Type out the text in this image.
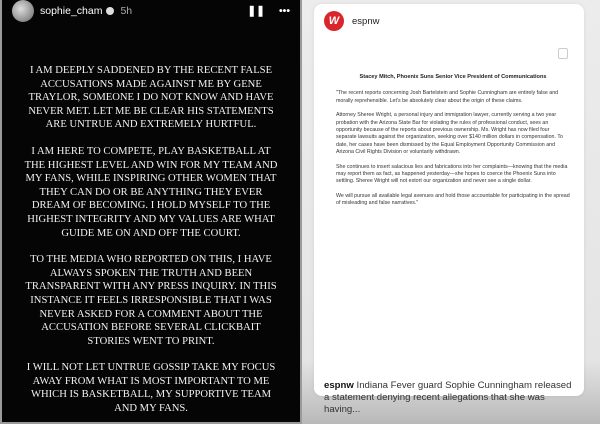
sophie_cham 5h	❚❚ •••

I AM DEEPLY SADDENED BY THE RECENT FALSE ACCUSATIONS MADE AGAINST ME BY GENE TRAYLOR, SOMEONE I DO NOT KNOW AND HAVE NEVER MET. LET ME BE CLEAR HIS STATEMENTS ARE UNTRUE AND EXTREMELY HURTFUL.

I AM HERE TO COMPETE, PLAY BASKETBALL AT THE HIGHEST LEVEL AND WIN FOR MY TEAM AND MY FANS, WHILE INSPIRING OTHER WOMEN THAT THEY CAN DO OR BE ANYTHING THEY EVER DREAM OF BECOMING. I HOLD MYSELF TO THE HIGHEST INTEGRITY AND MY VALUES ARE WHAT GUIDE ME ON AND OFF THE COURT.

TO THE MEDIA WHO REPORTED ON THIS, I HAVE ALWAYS SPOKEN THE TRUTH AND BEEN TRANSPARENT WITH ANY PRESS INQUIRY. IN THIS INSTANCE IT FEELS IRRESPONSIBLE THAT I WAS NEVER ASKED FOR A COMMENT ABOUT THE ACCUSATION BEFORE SEVERAL CLICKBAIT STORIES WENT TO PRINT.

I WILL NOT LET UNTRUE GOSSIP TAKE MY FOCUS AWAY FROM WHAT IS MOST IMPORTANT TO ME WHICH IS BASKETBALL, MY SUPPORTIVE TEAM AND MY FANS.

W	espnw
Stacey Mitch, Phoenix Suns Senior Vice President of Communications

"The recent reports concerning Josh Bartelstein and Sophie Cunningham are entirely false and morally reprehensible. Let's be absolutely clear about the origin of these claims.

Attorney Sheree Wright, a personal injury and immigration lawyer, currently serving a two year probation with the Arizona State Bar for violating the rules of professional conduct, sees an opportunity because of the reports about previous ownership. Ms. Wright has now filed four separate lawsuits against the organization, seeking over $140 million dollars in compensation. To date, her cases have been dismissed by the Equal Employment Opportunity Commission and Arizona Civil Rights Division or voluntarily withdrawn.

She continues to insert salacious lies and fabrications into her complaints—knowing that the media may report them as fact, as happened yesterday—she hopes to coerce the Phoenix Suns into settling. Sheree Wright will not extort our organization and never see a single dollar.

We will pursue all available legal avenues and hold those accountable for participating in the spread of misleading and false narratives."

espnw Indiana Fever guard Sophie Cunningham released a statement denying recent allegations that she was having...
